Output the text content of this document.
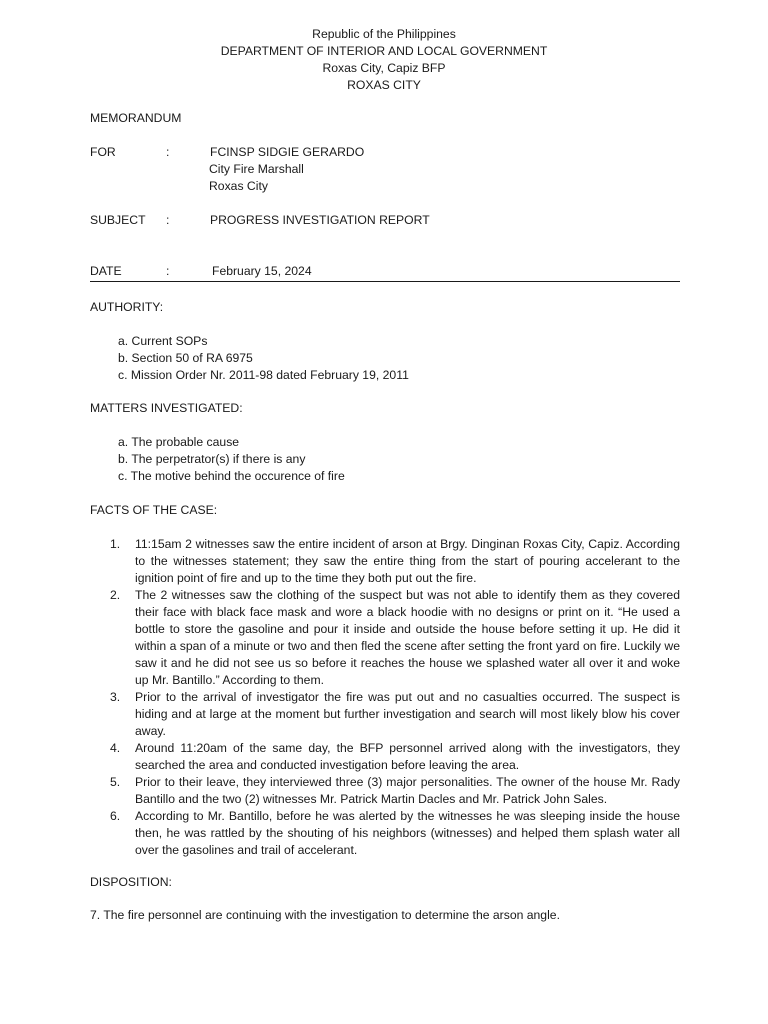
Republic of the Philippines
DEPARTMENT OF INTERIOR AND LOCAL GOVERNMENT
Roxas City, Capiz BFP
ROXAS CITY
MEMORANDUM
FOR	:	FCINSP SIDGIE GERARDO
City Fire Marshall
Roxas City
SUBJECT :	PROGRESS INVESTIGATION REPORT
DATE	:	February 15, 2024
AUTHORITY:
a. Current SOPs
b. Section 50 of RA 6975
c. Mission Order Nr. 2011-98 dated February 19, 2011
MATTERS INVESTIGATED:
a. The probable cause
b. The perpetrator(s) if there is any
c. The motive behind the occurence of fire
FACTS OF THE CASE:
1. 11:15am 2 witnesses saw the entire incident of arson at Brgy. Dinginan Roxas City, Capiz. According to the witnesses statement; they saw the entire thing from the start of pouring accelerant to the ignition point of fire and up to the time they both put out the fire.
2. The 2 witnesses saw the clothing of the suspect but was not able to identify them as they covered their face with black face mask and wore a black hoodie with no designs or print on it. “He used a bottle to store the gasoline and pour it inside and outside the house before setting it up. He did it within a span of a minute or two and then fled the scene after setting the front yard on fire. Luckily we saw it and he did not see us so before it reaches the house we splashed water all over it and woke up Mr. Bantillo.” According to them.
3. Prior to the arrival of investigator the fire was put out and no casualties occurred. The suspect is hiding and at large at the moment but further investigation and search will most likely blow his cover away.
4. Around 11:20am of the same day, the BFP personnel arrived along with the investigators, they searched the area and conducted investigation before leaving the area.
5. Prior to their leave, they interviewed three (3) major personalities. The owner of the house Mr. Rady Bantillo and the two (2) witnesses Mr. Patrick Martin Dacles and Mr. Patrick John Sales.
6. According to Mr. Bantillo, before he was alerted by the witnesses he was sleeping inside the house then, he was rattled by the shouting of his neighbors (witnesses) and helped them splash water all over the gasolines and trail of accelerant.
DISPOSITION:
7. The fire personnel are continuing with the investigation to determine the arson angle.
